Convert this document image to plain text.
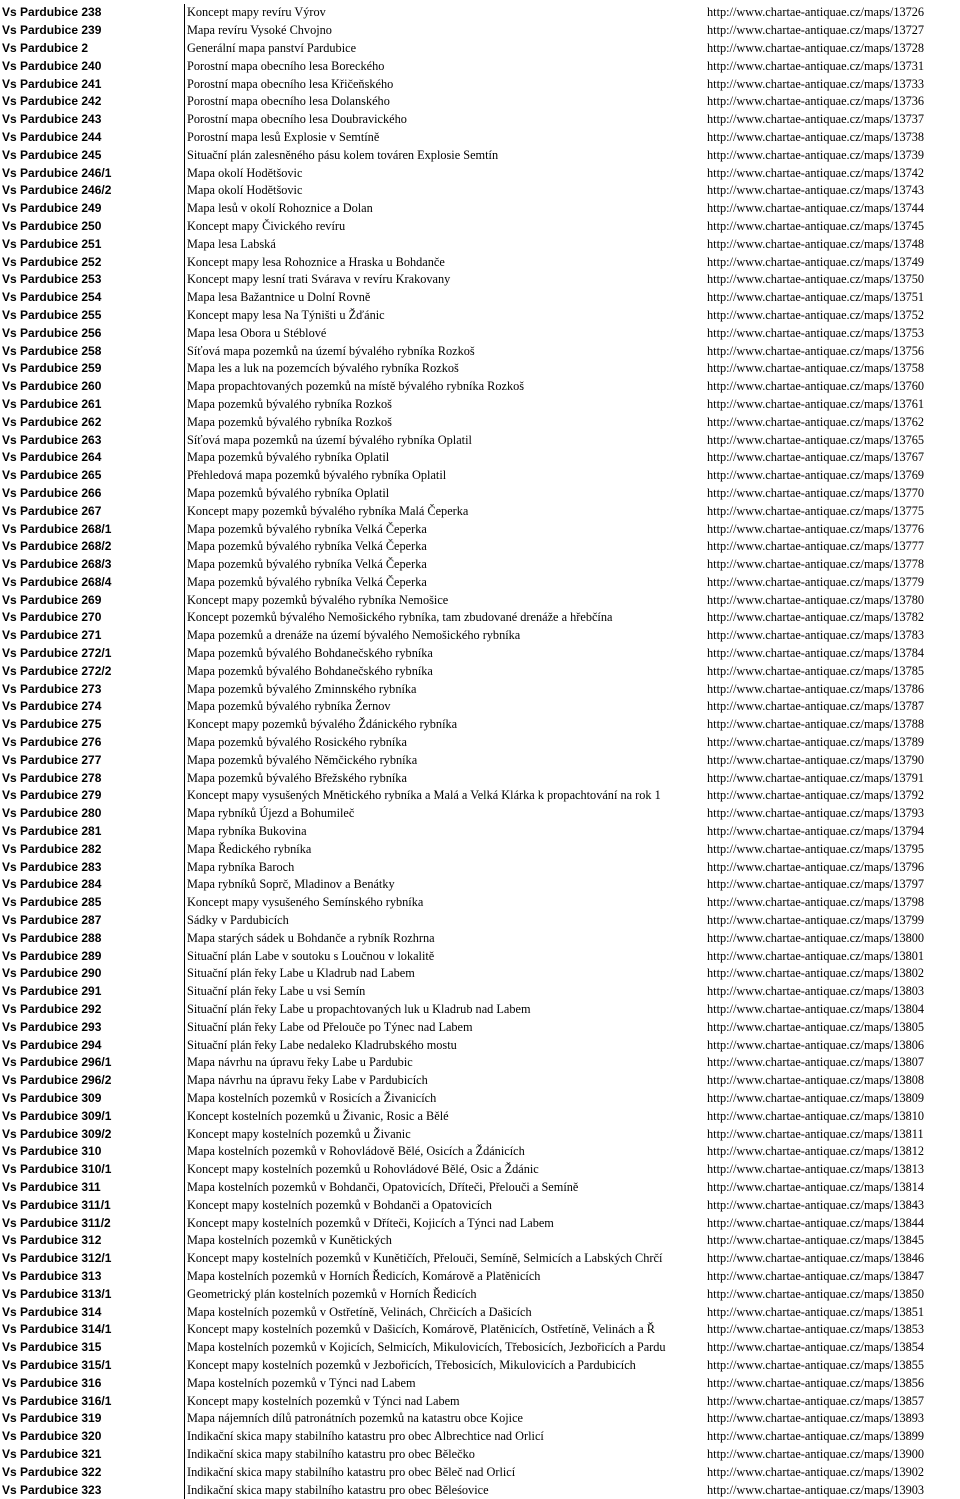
Vs Pardubice 238	Koncept mapy revíru Výrov	http://www.chartae-antiquae.cz/maps/13726
Vs Pardubice 239	Mapa revíru Vysoké Chvojno	http://www.chartae-antiquae.cz/maps/13727
Vs Pardubice 2	Generální mapa panství Pardubice	http://www.chartae-antiquae.cz/maps/13728
Vs Pardubice 240	Porostní mapa obecního lesa Boreckého	http://www.chartae-antiquae.cz/maps/13731
Vs Pardubice 241	Porostní mapa obecního lesa Křičeňského	http://www.chartae-antiquae.cz/maps/13733
Vs Pardubice 242	Porostní mapa obecního lesa Dolanského	http://www.chartae-antiquae.cz/maps/13736
Vs Pardubice 243	Porostní mapa obecního lesa Doubravického	http://www.chartae-antiquae.cz/maps/13737
Vs Pardubice 244	Porostní mapa lesů Explosie v Semtíně	http://www.chartae-antiquae.cz/maps/13738
Vs Pardubice 245	Situační plán zalesněného pásu kolem továren Explosie Semtín	http://www.chartae-antiquae.cz/maps/13739
Vs Pardubice 246/1	Mapa okolí Hodětšovic	http://www.chartae-antiquae.cz/maps/13742
Vs Pardubice 246/2	Mapa okolí Hodětšovic	http://www.chartae-antiquae.cz/maps/13743
Vs Pardubice 249	Mapa lesů v okolí Rohoznice a Dolan	http://www.chartae-antiquae.cz/maps/13744
Vs Pardubice 250	Koncept mapy Čivického revíru	http://www.chartae-antiquae.cz/maps/13745
Vs Pardubice 251	Mapa lesa Labská	http://www.chartae-antiquae.cz/maps/13748
Vs Pardubice 252	Koncept mapy lesa Rohoznice a Hraska u Bohdanče	http://www.chartae-antiquae.cz/maps/13749
Vs Pardubice 253	Koncept mapy lesní trati Svárava v revíru Krakovany	http://www.chartae-antiquae.cz/maps/13750
Vs Pardubice 254	Mapa lesa Bažantnice u Dolní Rovně	http://www.chartae-antiquae.cz/maps/13751
Vs Pardubice 255	Koncept mapy lesa Na Týništi u Žďánic	http://www.chartae-antiquae.cz/maps/13752
Vs Pardubice 256	Mapa lesa Obora u Stéblové	http://www.chartae-antiquae.cz/maps/13753
Vs Pardubice 258	Síťová mapa pozemků na území bývalého rybníka Rozkoš	http://www.chartae-antiquae.cz/maps/13756
Vs Pardubice 259	Mapa les a luk na pozemcích bývalého rybníka Rozkoš	http://www.chartae-antiquae.cz/maps/13758
Vs Pardubice 260	Mapa propachtovaných pozemků na místě bývalého rybníka Rozkoš	http://www.chartae-antiquae.cz/maps/13760
Vs Pardubice 261	Mapa pozemků bývalého rybníka Rozkoš	http://www.chartae-antiquae.cz/maps/13761
Vs Pardubice 262	Mapa pozemků bývalého rybníka Rozkoš	http://www.chartae-antiquae.cz/maps/13762
Vs Pardubice 263	Síťová mapa pozemků na území bývalého rybníka Oplatil	http://www.chartae-antiquae.cz/maps/13765
Vs Pardubice 264	Mapa pozemků bývalého rybníka Oplatil	http://www.chartae-antiquae.cz/maps/13767
Vs Pardubice 265	Přehledová mapa pozemků bývalého rybníka Oplatil	http://www.chartae-antiquae.cz/maps/13769
Vs Pardubice 266	Mapa pozemků bývalého rybníka Oplatil	http://www.chartae-antiquae.cz/maps/13770
Vs Pardubice 267	Koncept mapy pozemků bývalého rybníka Malá Čeperka	http://www.chartae-antiquae.cz/maps/13775
Vs Pardubice 268/1	Mapa pozemků bývalého rybníka Velká Čeperka	http://www.chartae-antiquae.cz/maps/13776
Vs Pardubice 268/2	Mapa pozemků bývalého rybníka Velká Čeperka	http://www.chartae-antiquae.cz/maps/13777
Vs Pardubice 268/3	Mapa pozemků bývalého rybníka Velká Čeperka	http://www.chartae-antiquae.cz/maps/13778
Vs Pardubice 268/4	Mapa pozemků bývalého rybníka Velká Čeperka	http://www.chartae-antiquae.cz/maps/13779
Vs Pardubice 269	Koncept mapy pozemků bývalého rybníka Nemošice	http://www.chartae-antiquae.cz/maps/13780
Vs Pardubice 270	Koncept pozemků bývalého Nemošického rybníka, tam zbudované drenáže a hřebčína	http://www.chartae-antiquae.cz/maps/13782
Vs Pardubice 271	Mapa pozemků a drenáže na území bývalého Nemošického rybníka	http://www.chartae-antiquae.cz/maps/13783
Vs Pardubice 272/1	Mapa pozemků bývalého Bohdanečského rybníka	http://www.chartae-antiquae.cz/maps/13784
Vs Pardubice 272/2	Mapa pozemků bývalého Bohdanečského rybníka	http://www.chartae-antiquae.cz/maps/13785
Vs Pardubice 273	Mapa pozemků bývalého Zminnského rybníka	http://www.chartae-antiquae.cz/maps/13786
Vs Pardubice 274	Mapa pozemků bývalého rybníka Žernov	http://www.chartae-antiquae.cz/maps/13787
Vs Pardubice 275	Koncept mapy pozemků bývalého Ždánického rybníka	http://www.chartae-antiquae.cz/maps/13788
Vs Pardubice 276	Mapa pozemků bývalého Rosického rybníka	http://www.chartae-antiquae.cz/maps/13789
Vs Pardubice 277	Mapa pozemků bývalého Němčického rybníka	http://www.chartae-antiquae.cz/maps/13790
Vs Pardubice 278	Mapa pozemků bývalého Břežského rybníka	http://www.chartae-antiquae.cz/maps/13791
Vs Pardubice 279	Koncept mapy vysušených Mnětického rybníka a Malá a Velká Klárka k propachtování na rok 1	http://www.chartae-antiquae.cz/maps/13792
Vs Pardubice 280	Mapa rybníků Újezd a Bohumileč	http://www.chartae-antiquae.cz/maps/13793
Vs Pardubice 281	Mapa rybníka Bukovina	http://www.chartae-antiquae.cz/maps/13794
Vs Pardubice 282	Mapa Ředického rybníka	http://www.chartae-antiquae.cz/maps/13795
Vs Pardubice 283	Mapa rybníka Baroch	http://www.chartae-antiquae.cz/maps/13796
Vs Pardubice 284	Mapa rybníků Soprč, Mladinov a Benátky	http://www.chartae-antiquae.cz/maps/13797
Vs Pardubice 285	Koncept mapy vysušeného Semínského rybníka	http://www.chartae-antiquae.cz/maps/13798
Vs Pardubice 287	Sádky v Pardubicích	http://www.chartae-antiquae.cz/maps/13799
Vs Pardubice 288	Mapa starých sádek u Bohdanče a rybník Rozhrna	http://www.chartae-antiquae.cz/maps/13800
Vs Pardubice 289	Situační plán Labe v soutoku s Loučnou v lokalitě	http://www.chartae-antiquae.cz/maps/13801
Vs Pardubice 290	Situační plán řeky Labe u Kladrub nad Labem	http://www.chartae-antiquae.cz/maps/13802
Vs Pardubice 291	Situační plán řeky Labe u vsi Semín	http://www.chartae-antiquae.cz/maps/13803
Vs Pardubice 292	Situační plán řeky Labe u propachtovaných luk u Kladrub nad Labem	http://www.chartae-antiquae.cz/maps/13804
Vs Pardubice 293	Situační plán řeky Labe od Přelouče po Týnec nad Labem	http://www.chartae-antiquae.cz/maps/13805
Vs Pardubice 294	Situační plán řeky Labe nedaleko Kladrubského mostu	http://www.chartae-antiquae.cz/maps/13806
Vs Pardubice 296/1	Mapa návrhu na úpravu řeky Labe u Pardubic	http://www.chartae-antiquae.cz/maps/13807
Vs Pardubice 296/2	Mapa návrhu na úpravu řeky Labe v Pardubicích	http://www.chartae-antiquae.cz/maps/13808
Vs Pardubice 309	Mapa kostelních pozemků v Rosicích a Živanicích	http://www.chartae-antiquae.cz/maps/13809
Vs Pardubice 309/1	Koncept kostelních pozemků u Živanic, Rosic a Bělé	http://www.chartae-antiquae.cz/maps/13810
Vs Pardubice 309/2	Koncept mapy kostelních pozemků u Živanic	http://www.chartae-antiquae.cz/maps/13811
Vs Pardubice 310	Mapa kostelních pozemků v Rohovládově Bělé, Osicích a Ždánicích	http://www.chartae-antiquae.cz/maps/13812
Vs Pardubice 310/1	Koncept mapy kostelních pozemků u Rohovládové Bělé, Osic a Ždánic	http://www.chartae-antiquae.cz/maps/13813
Vs Pardubice 311	Mapa kostelních pozemků v Bohdanči, Opatovicích, Dříteči, Přelouči a Semíně	http://www.chartae-antiquae.cz/maps/13814
Vs Pardubice 311/1	Koncept mapy kostelních pozemků v Bohdanči a Opatovicích	http://www.chartae-antiquae.cz/maps/13843
Vs Pardubice 311/2	Koncept mapy kostelních pozemků v Dříteči, Kojicích a Týnci nad Labem	http://www.chartae-antiquae.cz/maps/13844
Vs Pardubice 312	Mapa kostelních pozemků v Kunětických	http://www.chartae-antiquae.cz/maps/13845
Vs Pardubice 312/1	Koncept mapy kostelních pozemků v Kunětičích, Přelouči, Semíně, Selmicích a Labských Chrčí	http://www.chartae-antiquae.cz/maps/13846
Vs Pardubice 313	Mapa kostelních pozemků v Horních Ředicích, Komárově a Platěnicích	http://www.chartae-antiquae.cz/maps/13847
Vs Pardubice 313/1	Geometrický plán kostelních pozemků v Horních Ředicích	http://www.chartae-antiquae.cz/maps/13850
Vs Pardubice 314	Mapa kostelních pozemků v Ostřetíně, Velinách, Chrčicích a Dašicích	http://www.chartae-antiquae.cz/maps/13851
Vs Pardubice 314/1	Koncept mapy kostelních pozemků v Dašicích, Komárově, Platěnicích, Ostřetíně, Velinách a Ř	http://www.chartae-antiquae.cz/maps/13853
Vs Pardubice 315	Mapa kostelních pozemků v Kojicích, Selmicích, Mikulovicích, Třebosicích, Jezbořicích a Pardu	http://www.chartae-antiquae.cz/maps/13854
Vs Pardubice 315/1	Koncept mapy kostelních pozemků v Jezbořicích, Třebosicích, Mikulovicích a Pardubicích	http://www.chartae-antiquae.cz/maps/13855
Vs Pardubice 316	Mapa kostelních pozemků v Týnci nad Labem	http://www.chartae-antiquae.cz/maps/13856
Vs Pardubice 316/1	Koncept mapy kostelních pozemků v Týnci nad Labem	http://www.chartae-antiquae.cz/maps/13857
Vs Pardubice 319	Mapa nájemních dílů patronátních pozemků na katastru obce Kojice	http://www.chartae-antiquae.cz/maps/13893
Vs Pardubice 320	Indikační skica mapy stabilního katastru pro obec Albrechtice nad Orlicí	http://www.chartae-antiquae.cz/maps/13899
Vs Pardubice 321	Indikační skica mapy stabilního katastru pro obec Bělečko	http://www.chartae-antiquae.cz/maps/13900
Vs Pardubice 322	Indikační skica mapy stabilního katastru pro obec Běleč nad Orlicí	http://www.chartae-antiquae.cz/maps/13902
Vs Pardubice 323	Indikační skica mapy stabilního katastru pro obec Běleśovice	http://www.chartae-antiquae.cz/maps/13903
